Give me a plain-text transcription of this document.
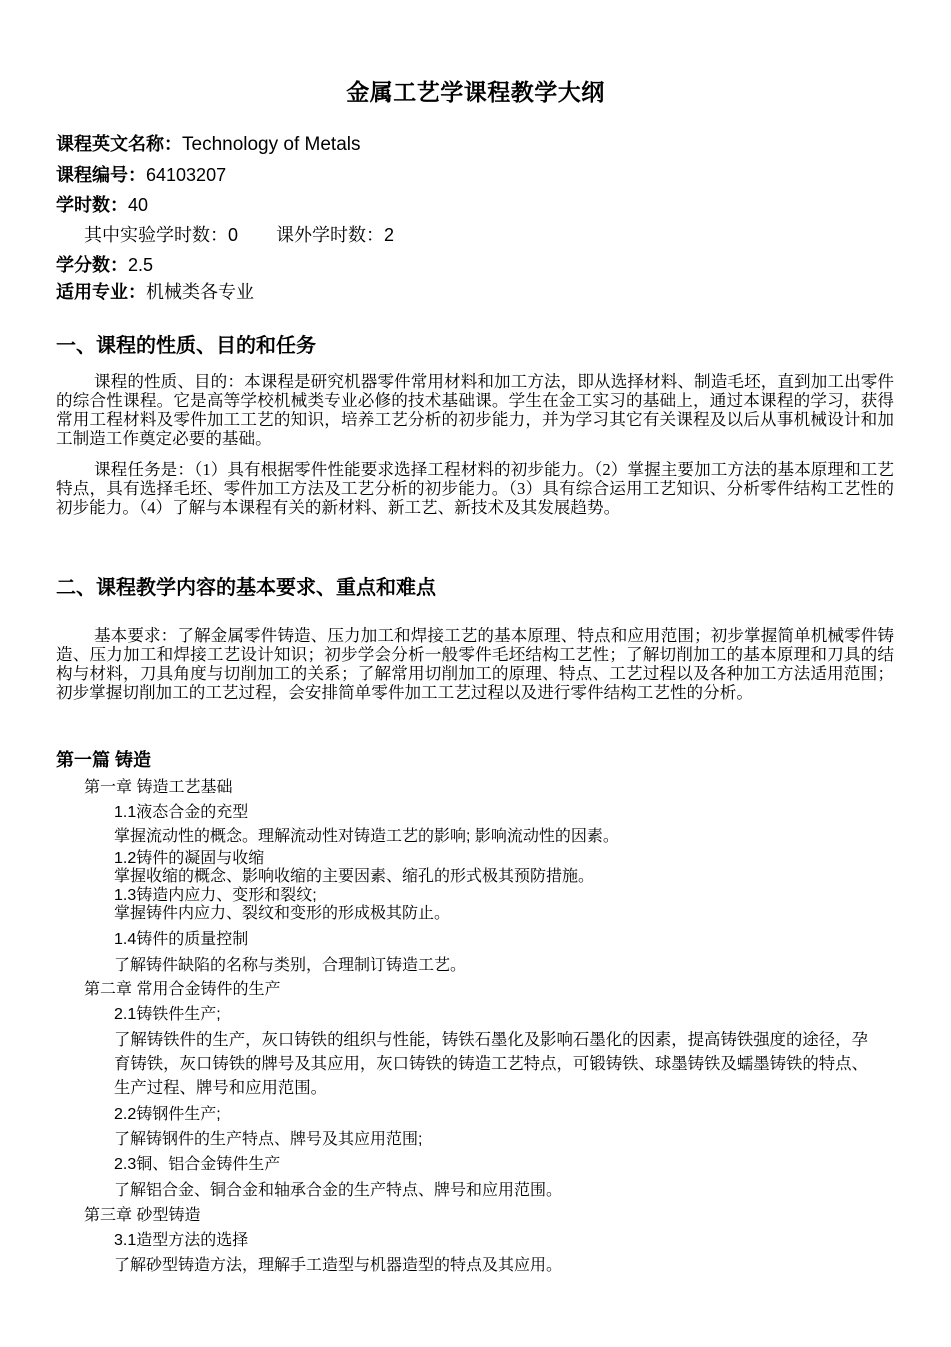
金属工艺学课程教学大纲
课程英文名称：Technology of Metals
课程编号：64103207
学时数：40
其中实验学时数：0 课外学时数：2
学分数：2.5
适用专业：机械类各专业
一、课程的性质、目的和任务

课程的性质、目的：本课程是研究机器零件常用材料和加工方法，即从选择材料、制造毛坯，直到加工出零件的综合性课程。它是高等学校机械类专业必修的技术基础课。学生在金工实习的基础上，通过本课程的学习，获得常用工程材料及零件加工工艺的知识，培养工艺分析的初步能力，并为学习其它有关课程及以后从事机械设计和加工制造工作奠定必要的基础。

课程任务是：（1）具有根据零件性能要求选择工程材料的初步能力。（2）掌握主要加工方法的基本原理和工艺特点，具有选择毛坯、零件加工方法及工艺分析的初步能力。（3）具有综合运用工艺知识、分析零件结构工艺性的初步能力。（4）了解与本课程有关的新材料、新工艺、新技术及其发展趋势。

二、课程教学内容的基本要求、重点和难点

基本要求：了解金属零件铸造、压力加工和焊接工艺的基本原理、特点和应用范围；初步掌握简单机械零件铸造、压力加工和焊接工艺设计知识；初步学会分析一般零件毛坯结构工艺性；了解切削加工的基本原理和刀具的结构与材料，刀具角度与切削加工的关系；了解常用切削加工的原理、特点、工艺过程以及各种加工方法适用范围；初步掌握切削加工的工艺过程，会安排简单零件加工工艺过程以及进行零件结构工艺性的分析。

第一篇 铸造
第一章 铸造工艺基础
1.1液态合金的充型
掌握流动性的概念。理解流动性对铸造工艺的影响; 影响流动性的因素。
1.2铸件的凝固与收缩
掌握收缩的概念、影响收缩的主要因素、缩孔的形式极其预防措施。
1.3铸造内应力、变形和裂纹;
掌握铸件内应力、裂纹和变形的形成极其防止。
1.4铸件的质量控制
了解铸件缺陷的名称与类别，合理制订铸造工艺。
第二章 常用合金铸件的生产
2.1铸铁件生产;

了解铸铁件的生产，灰口铸铁的组织与性能，铸铁石墨化及影响石墨化的因素，提高铸铁强度的途径，孕育铸铁，灰口铸铁的牌号及其应用，灰口铸铁的铸造工艺特点，可锻铸铁、球墨铸铁及蠕墨铸铁的特点、生产过程、牌号和应用范围。

2.2铸钢件生产;
了解铸钢件的生产特点、牌号及其应用范围;
2.3铜、铝合金铸件生产
了解铝合金、铜合金和轴承合金的生产特点、牌号和应用范围。
第三章 砂型铸造
3.1造型方法的选择
了解砂型铸造方法，理解手工造型与机器造型的特点及其应用。
